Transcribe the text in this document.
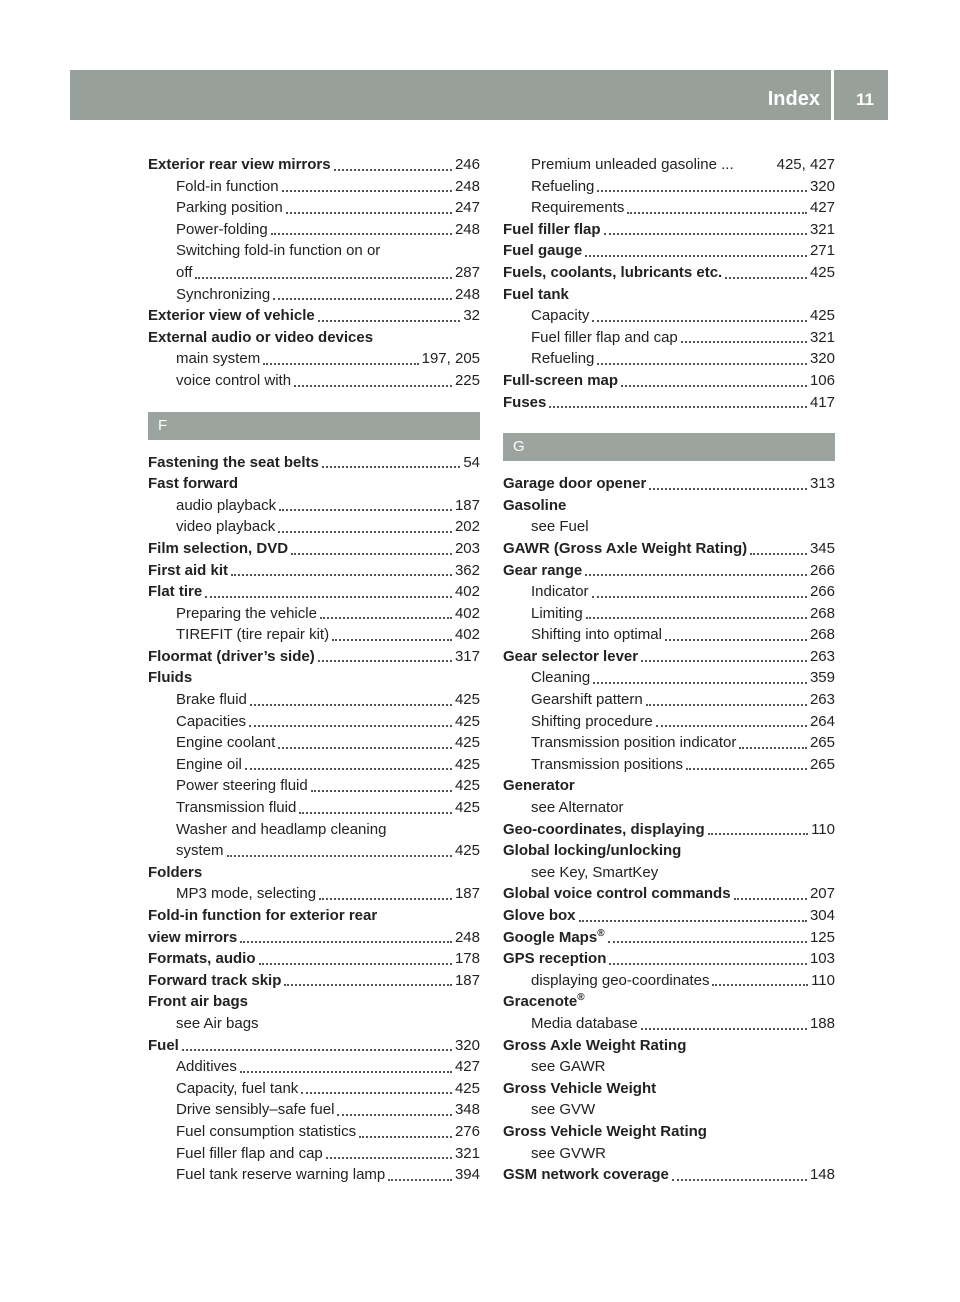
Index 11
Exterior rear view mirrors	246
Fold-in function	248
Parking position	247
Power-folding	248
Switching fold-in function on or
off	287
Synchronizing	248
Exterior view of vehicle	32
External audio or video devices
main system	197, 205
voice control with	225
F
Fastening the seat belts	54
Fast forward
audio playback	187
video playback	202
Film selection, DVD	203
First aid kit	362
Flat tire	402
Preparing the vehicle	402
TIREFIT (tire repair kit)	402
Floormat (driver’s side)	317
Fluids
Brake fluid	425
Capacities	425
Engine coolant	425
Engine oil	425
Power steering fluid	425
Transmission fluid	425
Washer and headlamp cleaning
system	425
Folders
MP3 mode, selecting	187
Fold-in function for exterior rear
view mirrors	248
Formats, audio	178
Forward track skip	187
Front air bags
see Air bags
Fuel	320
Additives	427
Capacity, fuel tank	425
Drive sensibly–safe fuel	348
Fuel consumption statistics	276
Fuel filler flap and cap	321
Fuel tank reserve warning lamp	394
Premium unleaded gasoline ...	425, 427
Refueling	320
Requirements	427
Fuel filler flap	321
Fuel gauge	271
Fuels, coolants, lubricants etc.	425
Fuel tank
Capacity	425
Fuel filler flap and cap	321
Refueling	320
Full-screen map	106
Fuses	417
G
Garage door opener	313
Gasoline
see Fuel
GAWR (Gross Axle Weight Rating)	345
Gear range	266
Indicator	266
Limiting	268
Shifting into optimal	268
Gear selector lever	263
Cleaning	359
Gearshift pattern	263
Shifting procedure	264
Transmission position indicator	265
Transmission positions	265
Generator
see Alternator
Geo-coordinates, displaying	110
Global locking/unlocking
see Key, SmartKey
Global voice control commands	207
Glove box	304
Google Maps®	125
GPS reception	103
displaying geo-coordinates	110
Gracenote®
Media database	188
Gross Axle Weight Rating
see GAWR
Gross Vehicle Weight
see GVW
Gross Vehicle Weight Rating
see GVWR
GSM network coverage	148
